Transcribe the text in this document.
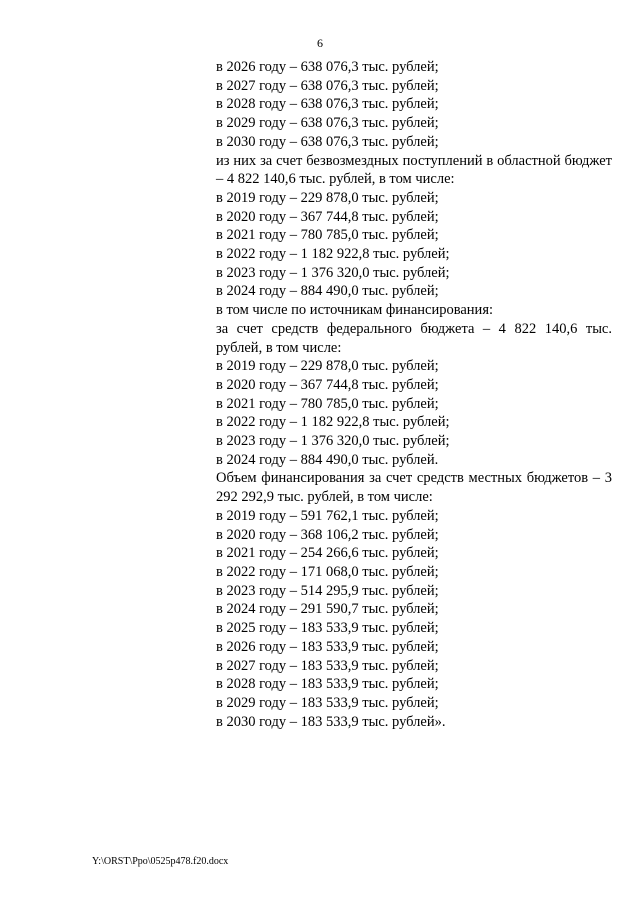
6
в 2026 году – 638 076,3 тыс. рублей;
в 2027 году – 638 076,3 тыс. рублей;
в 2028 году – 638 076,3 тыс. рублей;
в 2029 году – 638 076,3 тыс. рублей;
в 2030 году – 638 076,3 тыс. рублей;
из них за счет безвозмездных поступлений в областной бюджет – 4 822 140,6 тыс. рублей, в том числе:
в 2019 году – 229 878,0 тыс. рублей;
в 2020 году – 367 744,8 тыс. рублей;
в 2021 году – 780 785,0 тыс. рублей;
в 2022 году – 1 182 922,8 тыс. рублей;
в 2023 году – 1 376 320,0 тыс. рублей;
в 2024 году – 884 490,0 тыс. рублей;
в том числе по источникам финансирования:
за счет средств федерального бюджета – 4 822 140,6 тыс. рублей, в том числе:
в 2019 году – 229 878,0 тыс. рублей;
в 2020 году – 367 744,8 тыс. рублей;
в 2021 году – 780 785,0 тыс. рублей;
в 2022 году – 1 182 922,8 тыс. рублей;
в 2023 году – 1 376 320,0 тыс. рублей;
в 2024 году – 884 490,0 тыс. рублей.
Объем финансирования за счет средств местных бюджетов – 3 292 292,9 тыс. рублей, в том числе:
в 2019 году – 591 762,1 тыс. рублей;
в 2020 году – 368 106,2 тыс. рублей;
в 2021 году – 254 266,6 тыс. рублей;
в 2022 году – 171 068,0 тыс. рублей;
в 2023 году – 514 295,9 тыс. рублей;
в 2024 году – 291 590,7 тыс. рублей;
в 2025 году – 183 533,9 тыс. рублей;
в 2026 году – 183 533,9 тыс. рублей;
в 2027 году – 183 533,9 тыс. рублей;
в 2028 году – 183 533,9 тыс. рублей;
в 2029 году – 183 533,9 тыс. рублей;
в 2030 году – 183 533,9 тыс. рублей».
Y:\ORST\Ppo\0525p478.f20.docx
